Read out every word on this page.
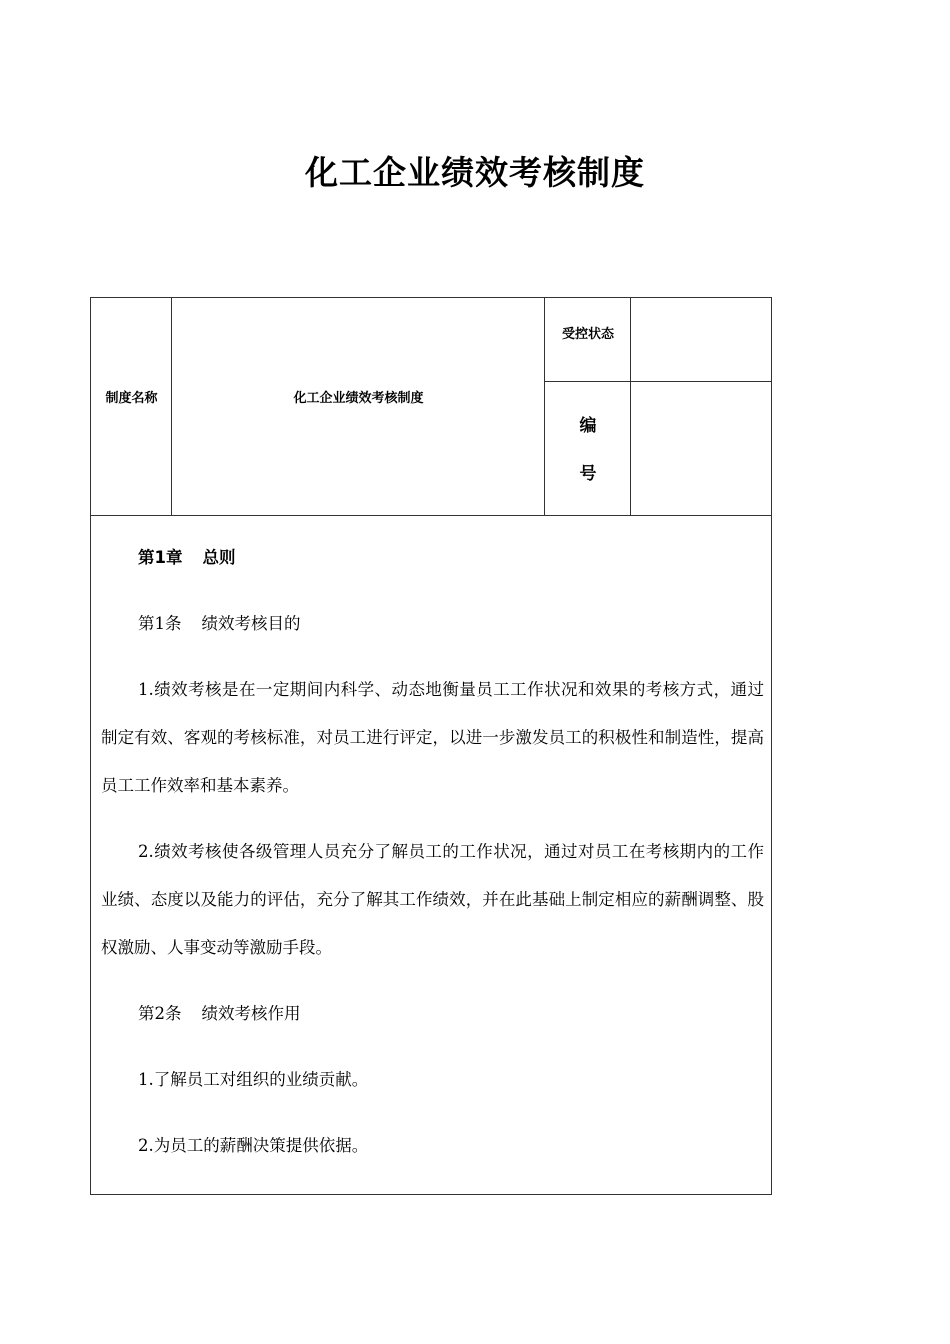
化工企业绩效考核制度
制度名称	化工企业绩效考核制度
受控状态
编
号

第1章 总则

第1条 绩效考核目的

1.绩效考核是在一定期间内科学、动态地衡量员工工作状况和效果的考核方式，通过制定有效、客观的考核标准，对员工进行评定，以进一步激发员工的积极性和制造性，提高员工工作效率和基本素养。

2.绩效考核使各级管理人员充分了解员工的工作状况，通过对员工在考核期内的工作业绩、态度以及能力的评估，充分了解其工作绩效，并在此基础上制定相应的薪酬调整、股权激励、人事变动等激励手段。

第2条 绩效考核作用

1.了解员工对组织的业绩贡献。

2.为员工的薪酬决策提供依据。
